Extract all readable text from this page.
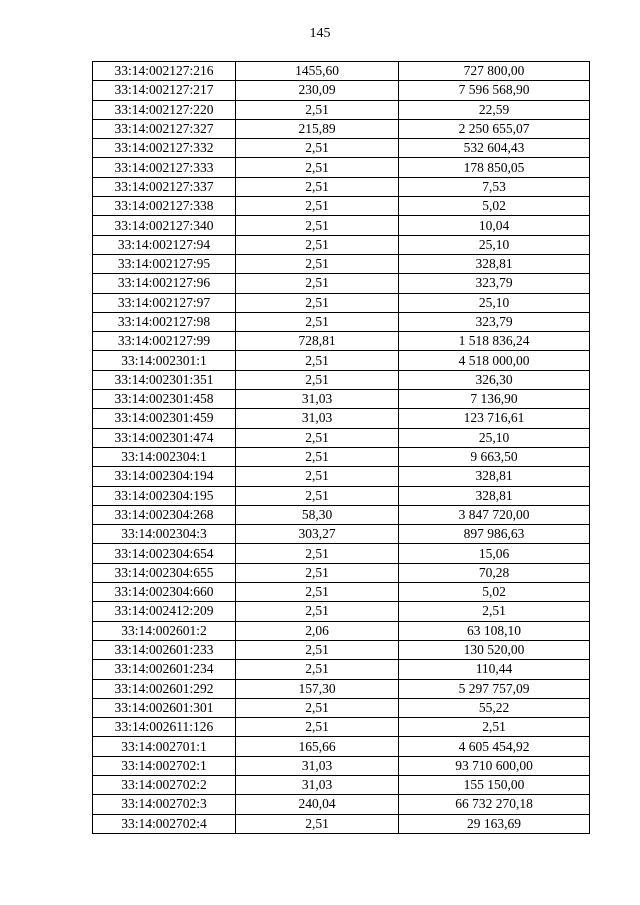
145
33:14:002127:216	1455,60	727 800,00
33:14:002127:217	230,09	7 596 568,90
33:14:002127:220	2,51	22,59
33:14:002127:327	215,89	2 250 655,07
33:14:002127:332	2,51	532 604,43
33:14:002127:333	2,51	178 850,05
33:14:002127:337	2,51	7,53
33:14:002127:338	2,51	5,02
33:14:002127:340	2,51	10,04
33:14:002127:94	2,51	25,10
33:14:002127:95	2,51	328,81
33:14:002127:96	2,51	323,79
33:14:002127:97	2,51	25,10
33:14:002127:98	2,51	323,79
33:14:002127:99	728,81	1 518 836,24
33:14:002301:1	2,51	4 518 000,00
33:14:002301:351	2,51	326,30
33:14:002301:458	31,03	7 136,90
33:14:002301:459	31,03	123 716,61
33:14:002301:474	2,51	25,10
33:14:002304:1	2,51	9 663,50
33:14:002304:194	2,51	328,81
33:14:002304:195	2,51	328,81
33:14:002304:268	58,30	3 847 720,00
33:14:002304:3	303,27	897 986,63
33:14:002304:654	2,51	15,06
33:14:002304:655	2,51	70,28
33:14:002304:660	2,51	5,02
33:14:002412:209	2,51	2,51
33:14:002601:2	2,06	63 108,10
33:14:002601:233	2,51	130 520,00
33:14:002601:234	2,51	110,44
33:14:002601:292	157,30	5 297 757,09
33:14:002601:301	2,51	55,22
33:14:002611:126	2,51	2,51
33:14:002701:1	165,66	4 605 454,92
33:14:002702:1	31,03	93 710 600,00
33:14:002702:2	31,03	155 150,00
33:14:002702:3	240,04	66 732 270,18
33:14:002702:4	2,51	29 163,69
